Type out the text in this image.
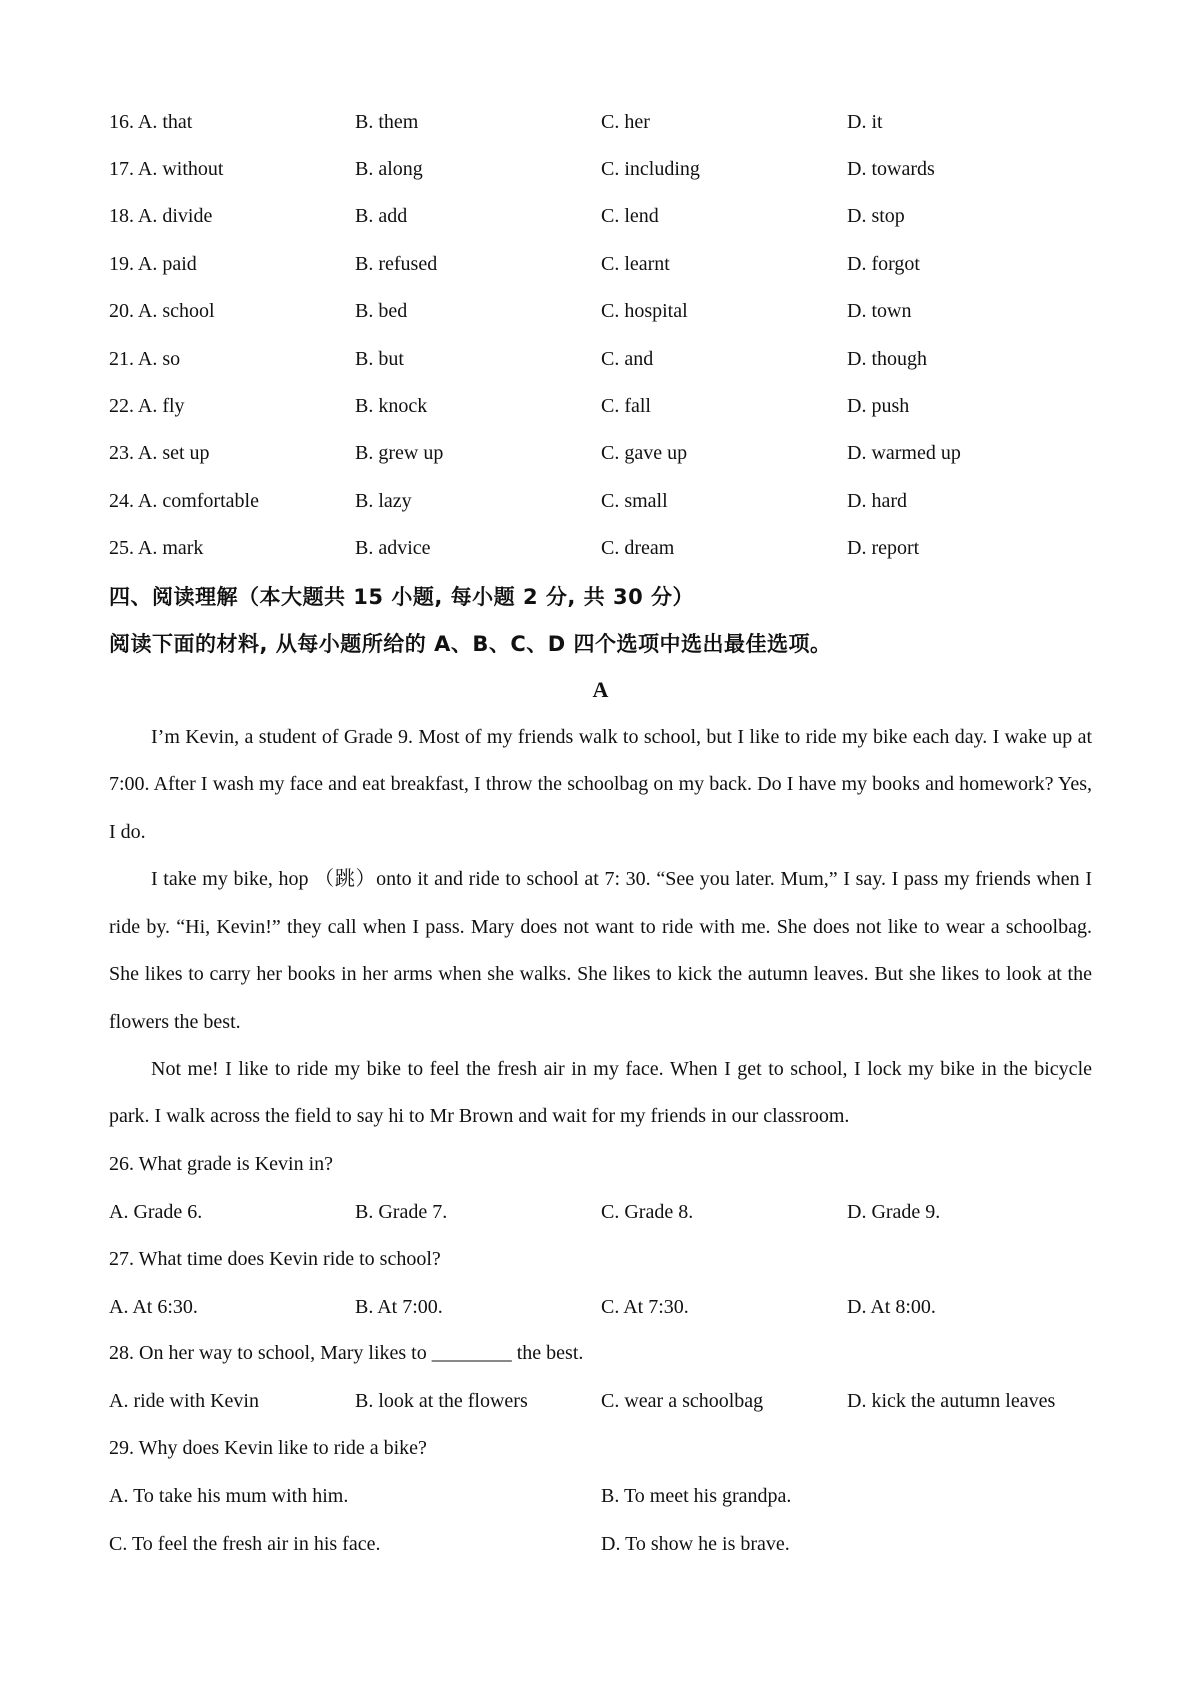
16. A. that	B. them	C. her	D. it
17. A. without	B. along	C. including	D. towards
18. A. divide	B. add	C. lend	D. stop
19. A. paid	B. refused	C. learnt	D. forgot
20. A. school	B. bed	C. hospital	D. town
21. A. so	B. but	C. and	D. though
22. A. fly	B. knock	C. fall	D. push
23. A. set up	B. grew up	C. gave up	D. warmed up
24. A. comfortable	B. lazy	C. small	D. hard
25. A. mark	B. advice	C. dream	D. report
四、阅读理解（本大题共 15 小题, 每小题 2 分, 共 30 分）
阅读下面的材料, 从每小题所给的 A、B、C、D 四个选项中选出最佳选项。
A

I’m Kevin, a student of Grade 9. Most of my friends walk to school, but I like to ride my bike each day. I wake up at 7:00. After I wash my face and eat breakfast, I throw the schoolbag on my back. Do I have my books and homework? Yes, I do.

I take my bike, hop （跳）onto it and ride to school at 7: 30. “See you later. Mum,” I say. I pass my friends when I ride by. “Hi, Kevin!” they call when I pass. Mary does not want to ride with me. She does not like to wear a schoolbag. She likes to carry her books in her arms when she walks. She likes to kick the autumn leaves. But she likes to look at the flowers the best.

Not me! I like to ride my bike to feel the fresh air in my face. When I get to school, I lock my bike in the bicycle park. I walk across the field to say hi to Mr Brown and wait for my friends in our classroom.

26. What grade is Kevin in?
A. Grade 6.	B. Grade 7.	C. Grade 8.	D. Grade 9.
27. What time does Kevin ride to school?
A. At 6:30.	B. At 7:00.	C. At 7:30.	D. At 8:00.
28. On her way to school, Mary likes to ________ the best.
A. ride with Kevin	B. look at the flowers	C. wear a schoolbag	D. kick the autumn leaves
29. Why does Kevin like to ride a bike?
A. To take his mum with him.	B. To meet his grandpa.
C. To feel the fresh air in his face.	D. To show he is brave.
